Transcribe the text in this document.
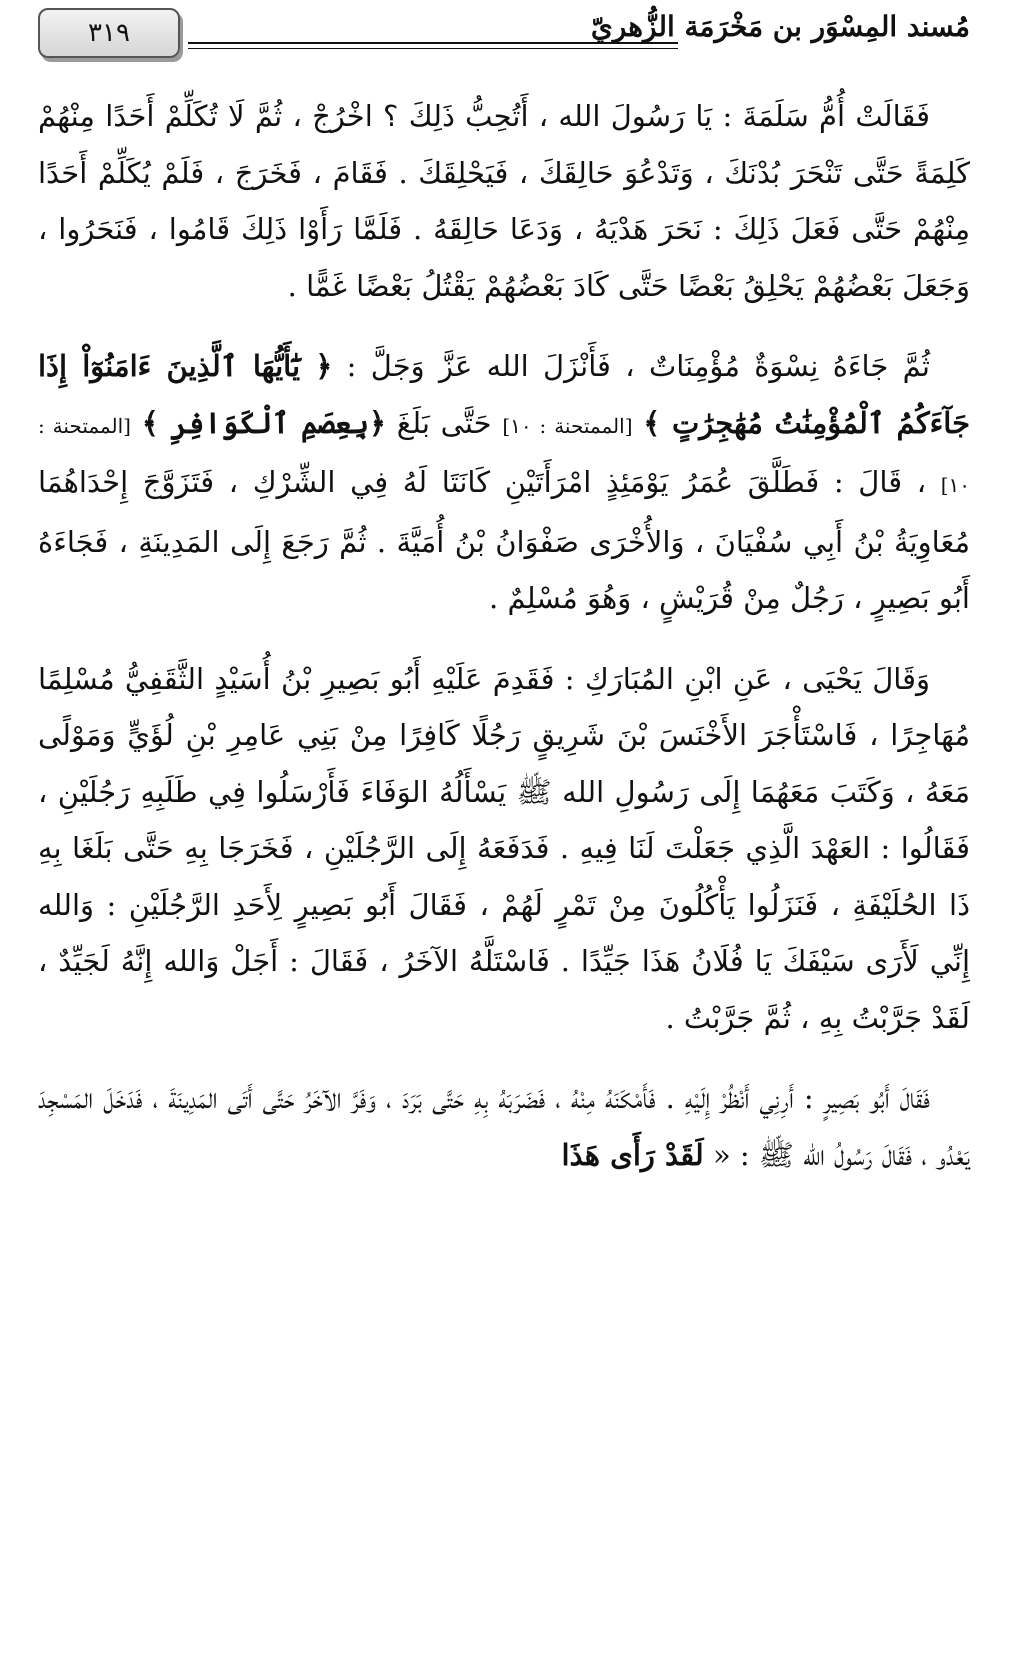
٣١٩	مُسند المِسْوَر بن مَخْرَمَة الزُّهريّ

فَقَالَتْ أُمُّ سَلَمَةَ : يَا رَسُولَ الله ، أَتُحِبُّ ذَلِكَ ؟ اخْرُجْ ، ثُمَّ لَا تُكَلِّمْ أَحَدًا مِنْهُمْ كَلِمَةً حَتَّى تَنْحَرَ بُدْنَكَ ، وَتَدْعُوَ حَالِقَكَ ، فَيَحْلِقَكَ . فَقَامَ ، فَخَرَجَ ، فَلَمْ يُكَلِّمْ أَحَدًا مِنْهُمْ حَتَّى فَعَلَ ذَلِكَ : نَحَرَ هَدْيَهُ ، وَدَعَا حَالِقَهُ . فَلَمَّا رَأَوْا ذَلِكَ قَامُوا ، فَنَحَرُوا ، وَجَعَلَ بَعْضُهُمْ يَحْلِقُ بَعْضًا حَتَّى كَادَ بَعْضُهُمْ يَقْتُلُ بَعْضًا غَمًّا .

ثُمَّ جَاءَهُ نِسْوَةٌ مُؤْمِنَاتٌ ، فَأَنْزَلَ الله عَزَّ وَجَلَّ : ﴿ يَٰٓأَيُّهَا ٱلَّذِينَ ءَامَنُوٓاْ إِذَا جَآءَكُمُ ٱلْمُؤْمِنَٰتُ مُهَٰجِرَٰتٍ ﴾ [الممتحنة : ١٠] حَتَّى بَلَغَ ﴿بِعِصَمِ ٱلْكَوَافِرِ ﴾ [الممتحنة : ١٠] ، قَالَ : فَطَلَّقَ عُمَرُ يَوْمَئِذٍ امْرَأَتَيْنِ كَانَتَا لَهُ فِي الشِّرْكِ ، فَتَزَوَّجَ إِحْدَاهُمَا مُعَاوِيَةُ بْنُ أَبِي سُفْيَانَ ، وَالأُخْرَى صَفْوَانُ بْنُ أُمَيَّةَ . ثُمَّ رَجَعَ إِلَى المَدِينَةِ ، فَجَاءَهُ أَبُو بَصِيرٍ ، رَجُلٌ مِنْ قُرَيْشٍ ، وَهُوَ مُسْلِمٌ .

وَقَالَ يَحْيَى ، عَنِ ابْنِ المُبَارَكِ : فَقَدِمَ عَلَيْهِ أَبُو بَصِيرِ بْنُ أُسَيْدٍ الثَّقَفِيُّ مُسْلِمًا مُهَاجِرًا ، فَاسْتَأْجَرَ الأَخْنَسَ بْنَ شَرِيقٍ رَجُلًا كَافِرًا مِنْ بَنِي عَامِرِ بْنِ لُؤَيٍّ وَمَوْلًى مَعَهُ ، وَكَتَبَ مَعَهُمَا إِلَى رَسُولِ الله ﷺ يَسْأَلُهُ الوَفَاءَ فَأَرْسَلُوا فِي طَلَبِهِ رَجُلَيْنِ ، فَقَالُوا : العَهْدَ الَّذِي جَعَلْتَ لَنَا فِيهِ . فَدَفَعَهُ إِلَى الرَّجُلَيْنِ ، فَخَرَجَا بِهِ حَتَّى بَلَغَا بِهِ ذَا الحُلَيْفَةِ ، فَنَزَلُوا يَأْكُلُونَ مِنْ تَمْرٍ لَهُمْ ، فَقَالَ أَبُو بَصِيرٍ لِأَحَدِ الرَّجُلَيْنِ : وَالله إِنِّي لَأَرَى سَيْفَكَ يَا فُلَانُ هَذَا جَيِّدًا . فَاسْتَلَّهُ الآخَرُ ، فَقَالَ : أَجَلْ وَالله إِنَّهُ لَجَيِّدٌ ، لَقَدْ جَرَّبْتُ بِهِ ، ثُمَّ جَرَّبْتُ .

فَقَالَ أَبُو بَصِيرٍ : أَرِنِي أَنْظُرْ إِلَيْهِ . فَأَمْكَنَهُ مِنْهُ ، فَضَرَبَهُ بِهِ حَتَّى بَرَدَ ، وَفَرَّ الآخَرُ حَتَّى أَتَى المَدِينَةَ ، فَدَخَلَ المَسْجِدَ يَعْدُو ، فَقَالَ رَسُولُ الله ﷺ : « لَقَدْ رَأَى هَذَا
